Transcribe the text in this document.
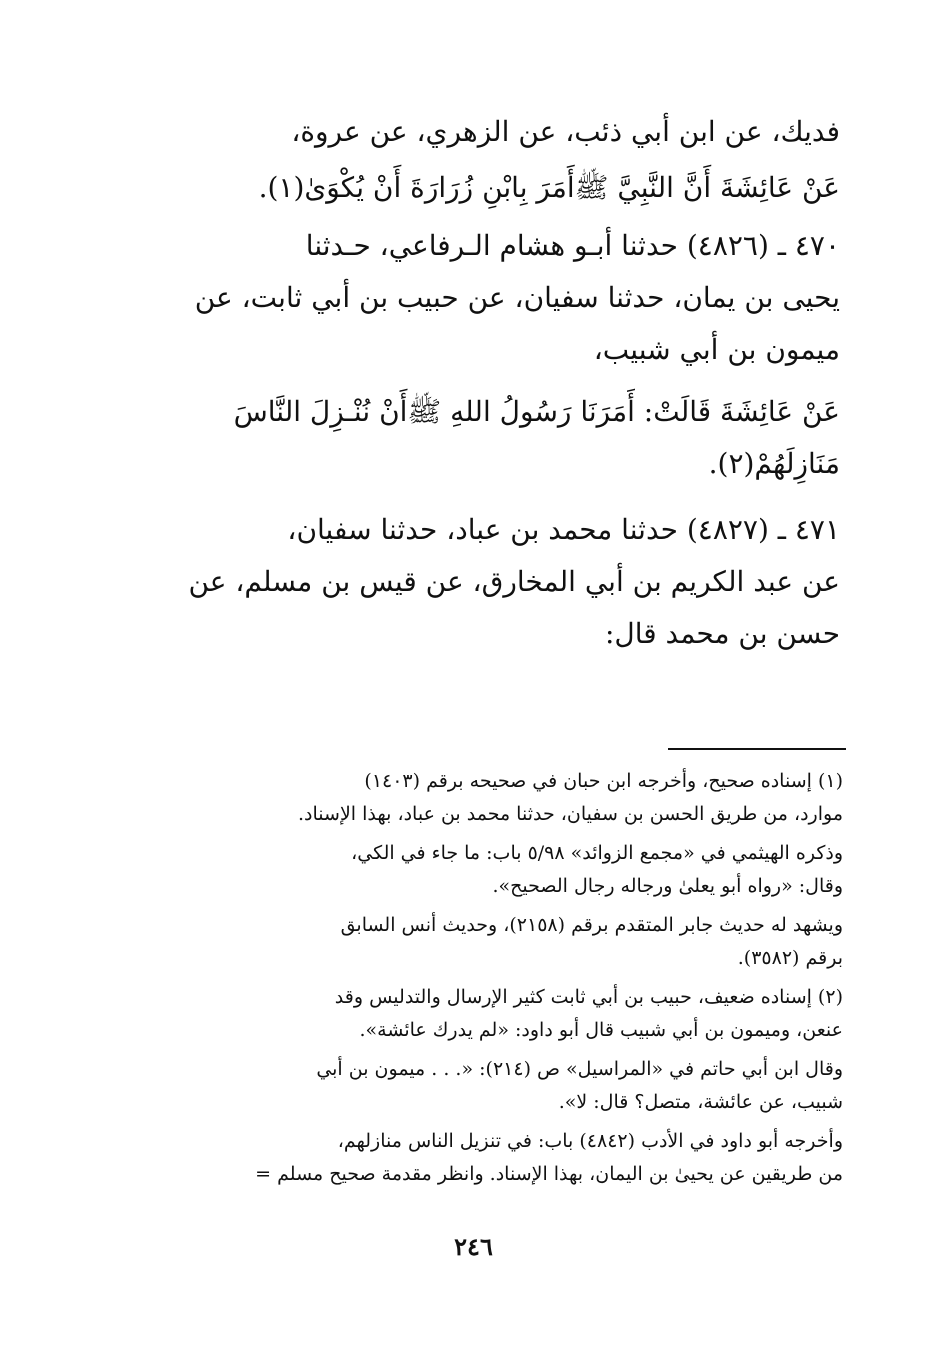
فديك، عن ابن أبي ذئب، عن الزهري، عن عروة،

عَنْ عَائِشَةَ أَنَّ النَّبِيَّ ﷺأَمَرَ بِابْنِ زُرَارَةَ أَنْ يُكْوَىٰ(١).

٤٧٠ ـ (٤٨٢٦) حدثنا أبـو هشام الـرفاعي، حـدثنا

يحيى بن يمان، حدثنا سفيان، عن حبيب بن أبي ثابت، عن

ميمون بن أبي شبيب،

عَنْ عَائِشَةَ قَالَتْ: أَمَرَنَا رَسُولُ اللهِ ﷺأَنْ نُنْـزِلَ النَّاسَ

مَنَازِلَهُمْ(٢).

٤٧١ ـ (٤٨٢٧) حدثنا محمد بن عباد، حدثنا سفيان،

عن عبد الكريم بن أبي المخارق، عن قيس بن مسلم، عن

حسن بن محمد قال:

(١) إسناده صحيح، وأخرجه ابن حبان في صحيحه برقم (١٤٠٣)

موارد، من طريق الحسن بن سفيان، حدثنا محمد بن عباد، بهذا الإسناد.

وذكره الهيثمي في «مجمع الزوائد» ٥/٩٨ باب: ما جاء في الكي،

وقال: «رواه أبو يعلىٰ ورجاله رجال الصحيح».

ويشهد له حديث جابر المتقدم برقم (٢١٥٨)، وحديث أنس السابق

برقم (٣٥٨٢).

(٢) إسناده ضعيف، حبيب بن أبي ثابت كثير الإرسال والتدليس وقد

عنعن، وميمون بن أبي شبيب قال أبو داود: «لم يدرك عائشة».

وقال ابن أبي حاتم في «المراسيل» ص (٢١٤): «. . . ميمون بن أبي

شبيب، عن عائشة، متصل؟ قال: لا».

وأخرجه أبو داود في الأدب (٤٨٤٢) باب: في تنزيل الناس منازلهم،

من طريقين عن يحيىٰ بن اليمان، بهذا الإسناد. وانظر مقدمة صحيح مسلم =

٢٤٦
